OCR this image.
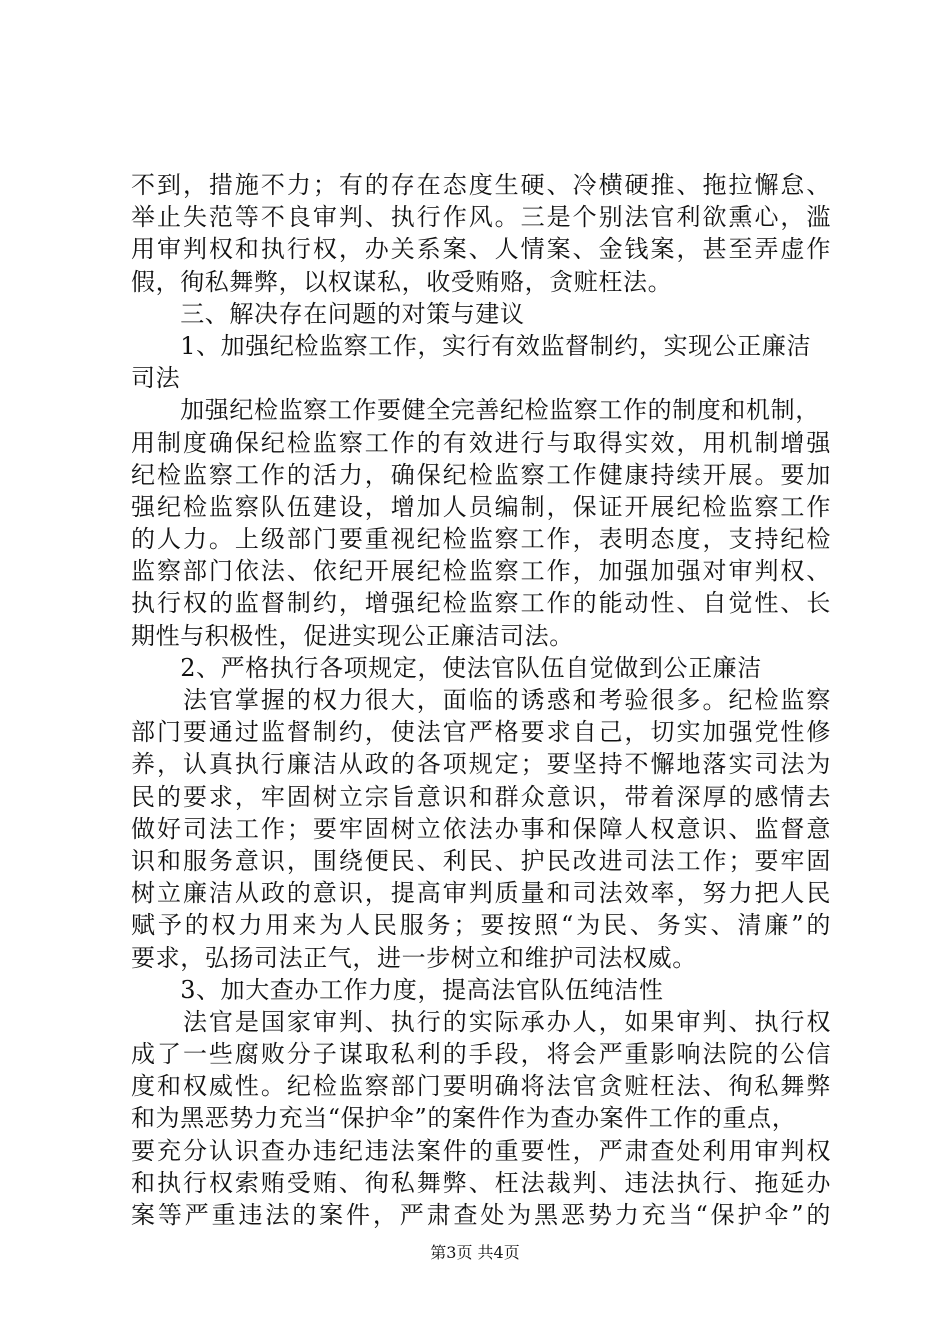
不到，措施不力；有的存在态度生硬、冷横硬推、拖拉懈怠、
举止失范等不良审判、执行作风。三是个别法官利欲熏心，滥
用审判权和执行权，办关系案、人情案、金钱案，甚至弄虚作
假，徇私舞弊，以权谋私，收受贿赂，贪赃枉法。
　　三、解决存在问题的对策与建议
　　1、加强纪检监察工作，实行有效监督制约，实现公正廉洁
司法
　　加强纪检监察工作要健全完善纪检监察工作的制度和机制，
用制度确保纪检监察工作的有效进行与取得实效，用机制增强
纪检监察工作的活力，确保纪检监察工作健康持续开展。要加
强纪检监察队伍建设，增加人员编制，保证开展纪检监察工作
的人力。上级部门要重视纪检监察工作，表明态度，支持纪检
监察部门依法、依纪开展纪检监察工作，加强加强对审判权、
执行权的监督制约，增强纪检监察工作的能动性、自觉性、长
期性与积极性，促进实现公正廉洁司法。
　　2、严格执行各项规定，使法官队伍自觉做到公正廉洁
　　法官掌握的权力很大，面临的诱惑和考验很多。纪检监察
部门要通过监督制约，使法官严格要求自己，切实加强党性修
养，认真执行廉洁从政的各项规定；要坚持不懈地落实司法为
民的要求，牢固树立宗旨意识和群众意识，带着深厚的感情去
做好司法工作；要牢固树立依法办事和保障人权意识、监督意
识和服务意识，围绕便民、利民、护民改进司法工作；要牢固
树立廉洁从政的意识，提高审判质量和司法效率，努力把人民
赋予的权力用来为人民服务；要按照“为民、务实、清廉”的
要求，弘扬司法正气，进一步树立和维护司法权威。
　　3、加大查办工作力度，提高法官队伍纯洁性
　　法官是国家审判、执行的实际承办人，如果审判、执行权
成了一些腐败分子谋取私利的手段，将会严重影响法院的公信
度和权威性。纪检监察部门要明确将法官贪赃枉法、徇私舞弊
和为黑恶势力充当“保护伞”的案件作为查办案件工作的重点，
要充分认识查办违纪违法案件的重要性，严肃查处利用审判权
和执行权索贿受贿、徇私舞弊、枉法裁判、违法执行、拖延办
案等严重违法的案件，严肃查处为黑恶势力充当“保护伞”的
第3页 共4页
